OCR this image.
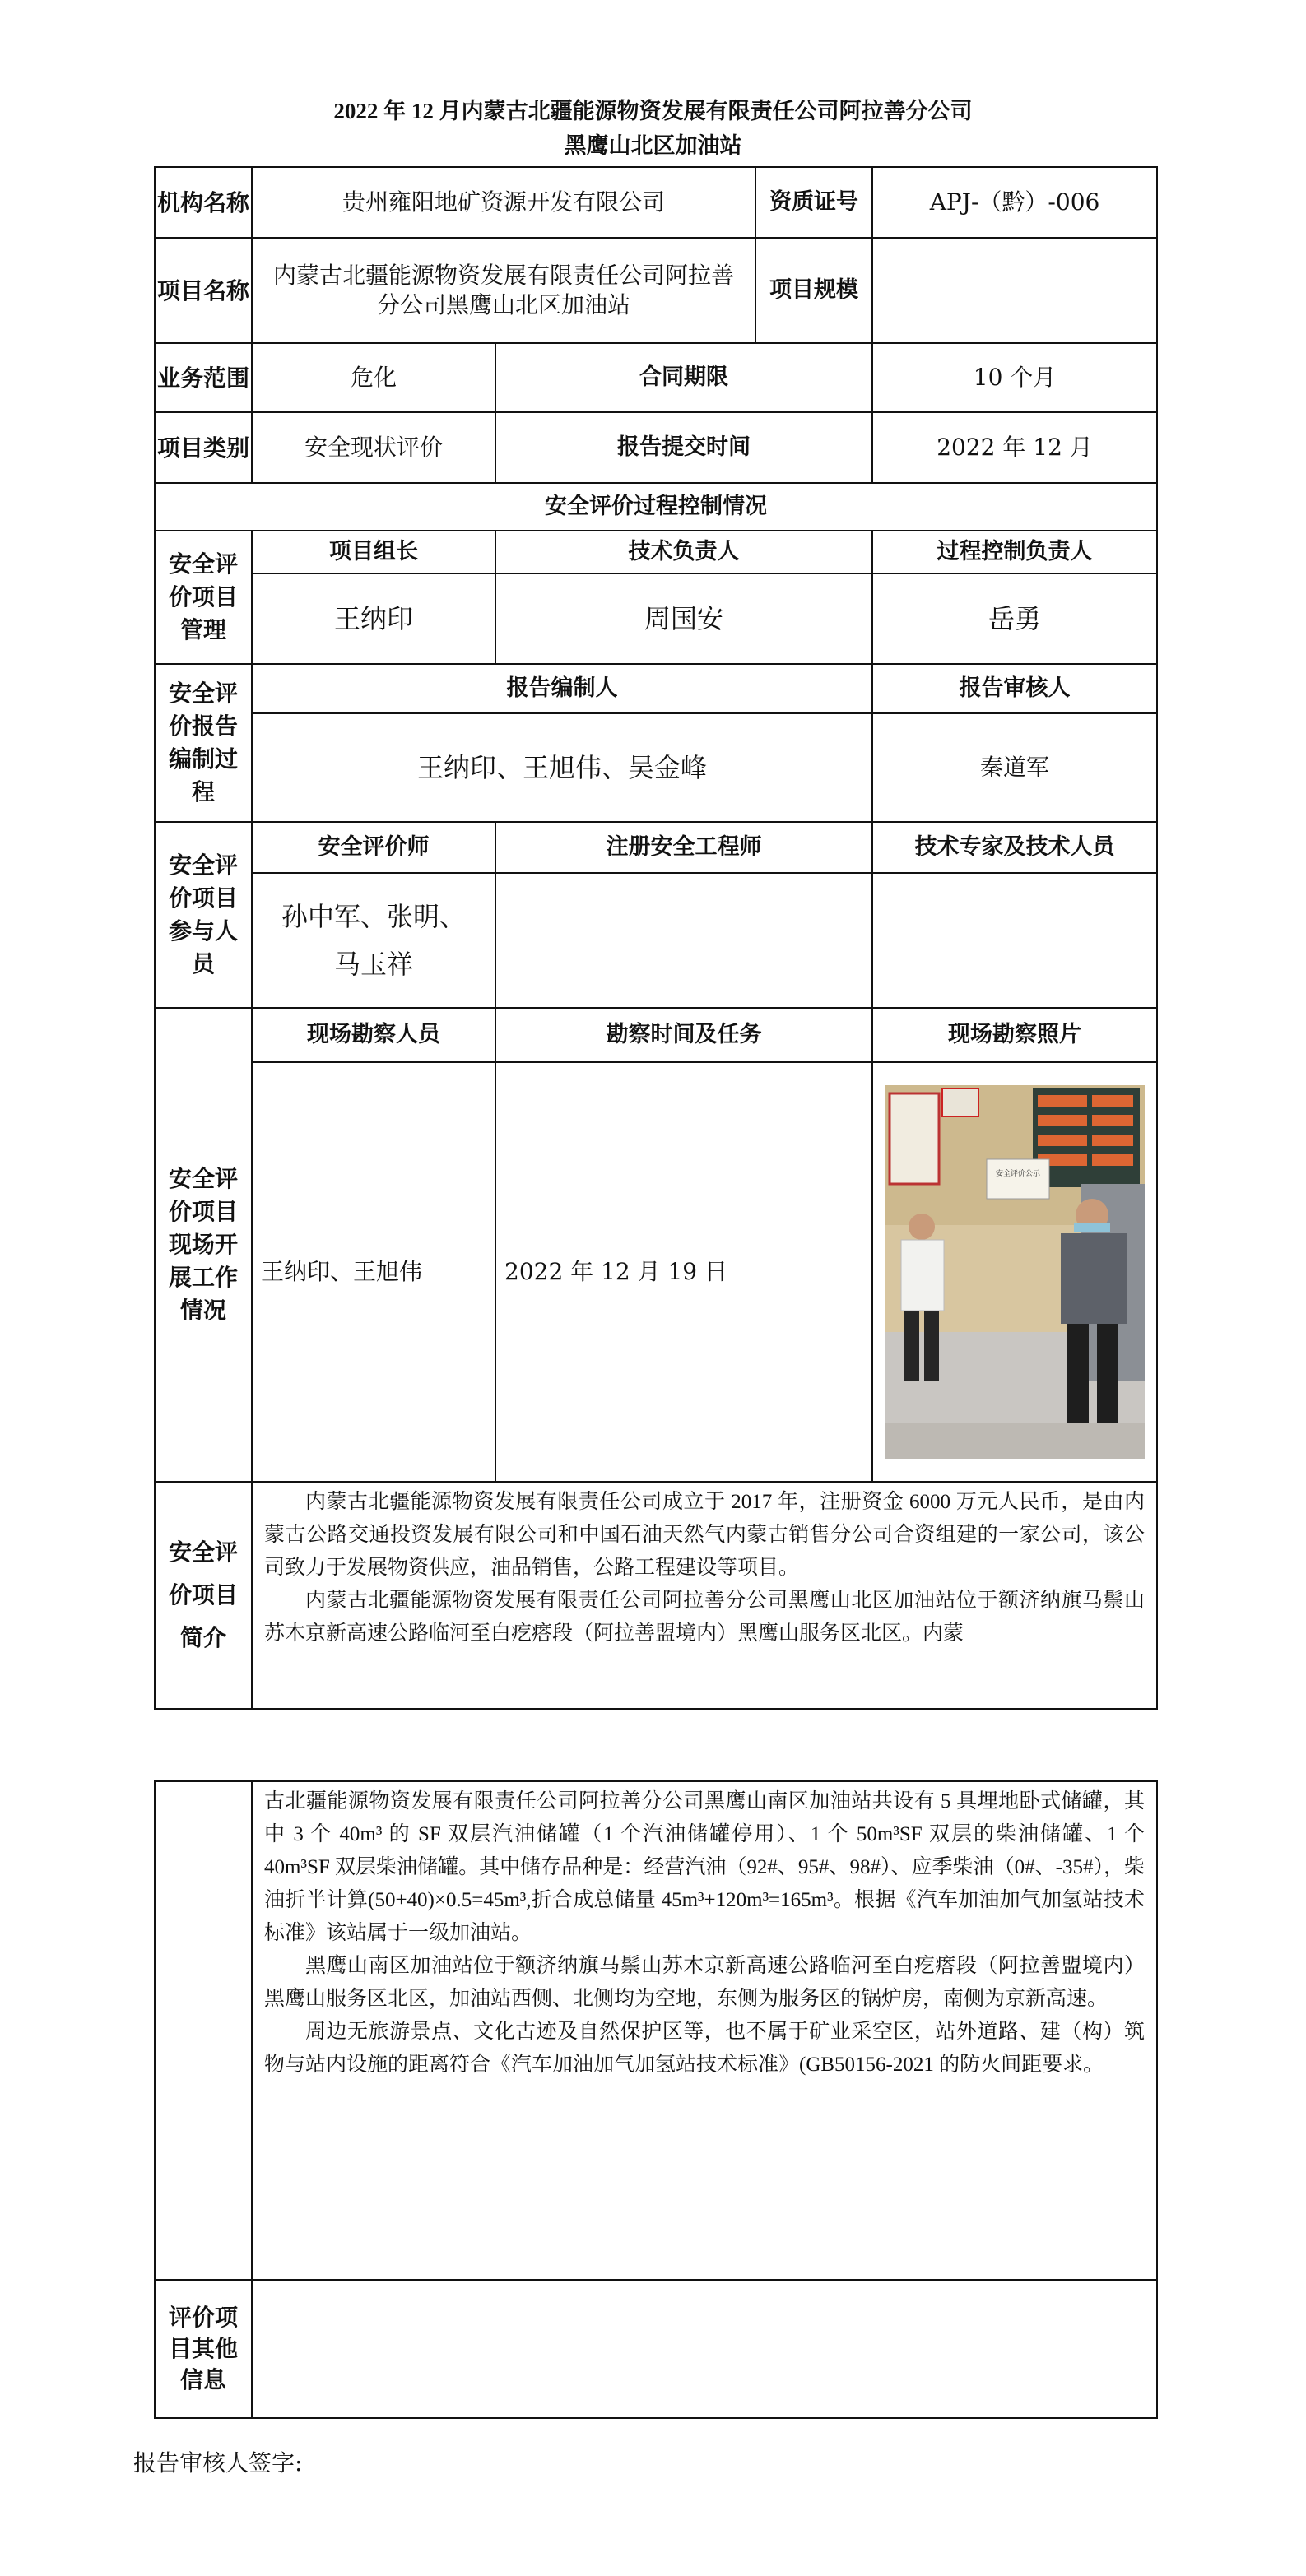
2022 年 12 月内蒙古北疆能源物资发展有限责任公司阿拉善分公司
黑鹰山北区加油站
机构名称	贵州雍阳地矿资源开发有限公司		资质证号	APJ-（黔）-006
项目名称	内蒙古北疆能源物资发展有限责任公司阿拉善分公司黑鹰山北区加油站		项目规模	
业务范围	危化	合同期限		10 个月
项目类别	安全现状评价	报告提交时间		2022 年 12 月
安全评价过程控制情况				
安全评价项目管理	项目组长	技术负责人		过程控制负责人
	王纳印	周国安		岳勇
安全评价报告编制过程	报告编制人			报告审核人
	王纳印、王旭伟、吴金峰			秦道军
安全评价项目参与人员	安全评价师	注册安全工程师		技术专家及技术人员

	孙中军、张明、
马玉祥			

安全评价项目现场开展工作情况	现场勘察人员	勘察时间及任务		现场勘察照片
	王纳印、王旭伟	2022 年 12 月 19 日		安全评价公示

安全评价项目简介	内蒙古北疆能源物资发展有限责任公司成立于 2017 年，注册资金 6000 万元人民币，是由内蒙古公路交通投资发展有限公司和中国石油天然气内蒙古销售分公司合资组建的一家公司，该公司致力于发展物资供应，油品销售，公路工程建设等项目。

内蒙古北疆能源物资发展有限责任公司阿拉善分公司黑鹰山北区加油站位于额济纳旗马鬃山苏木京新高速公路临河至白疙瘩段（阿拉善盟境内）黑鹰山服务区北区。内蒙			

	古北疆能源物资发展有限责任公司阿拉善分公司黑鹰山南区加油站共设有 5 具埋地卧式储罐，其中 3 个 40m³ 的 SF 双层汽油储罐（1 个汽油储罐停用）、1 个 50m³SF 双层的柴油储罐、1 个 40m³SF 双层柴油储罐。其中储存品种是：经营汽油（92#、95#、98#）、应季柴油（0#、-35#），柴油折半计算(50+40)×0.5=45m³,折合成总储量 45m³+120m³=165m³。根据《汽车加油加气加氢站技术标准》该站属于一级加油站。

黑鹰山南区加油站位于额济纳旗马鬃山苏木京新高速公路临河至白疙瘩段（阿拉善盟境内）黑鹰山服务区北区，加油站西侧、北侧均为空地，东侧为服务区的锅炉房，南侧为京新高速。

周边无旅游景点、文化古迹及自然保护区等，也不属于矿业采空区，站外道路、建（构）筑物与站内设施的距离符合《汽车加油加气加氢站技术标准》(GB50156-2021 的防火间距要求。

评价项目其他信息	
报告审核人签字:
